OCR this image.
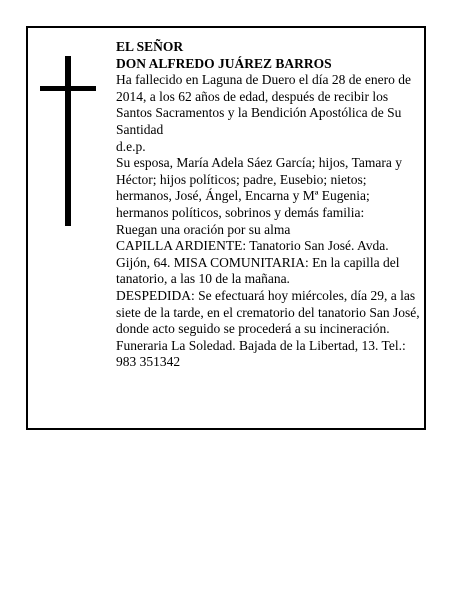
EL SEÑOR

DON ALFREDO JUÁREZ BARROS

Ha fallecido en Laguna de Duero el día 28 de enero de 2014, a los 62 años de edad, después de recibir los Santos Sacramentos y la Bendición Apostólica de Su Santidad

d.e.p.

Su esposa, María Adela Sáez García; hijos, Tamara y Héctor; hijos políticos; padre, Eusebio; nietos; hermanos, José, Ángel, Encarna y Mª Eugenia; hermanos políticos, sobrinos y demás familia:

Ruegan una oración por su alma

CAPILLA ARDIENTE: Tanatorio San José. Avda. Gijón, 64. MISA COMUNITARIA: En la capilla del tanatorio, a las 10 de la mañana.

DESPEDIDA: Se efectuará hoy miércoles, día 29, a las siete de la tarde, en el crematorio del tanatorio San José, donde acto seguido se procederá a su incineración.

Funeraria La Soledad. Bajada de la Libertad, 13. Tel.: 983 351342
